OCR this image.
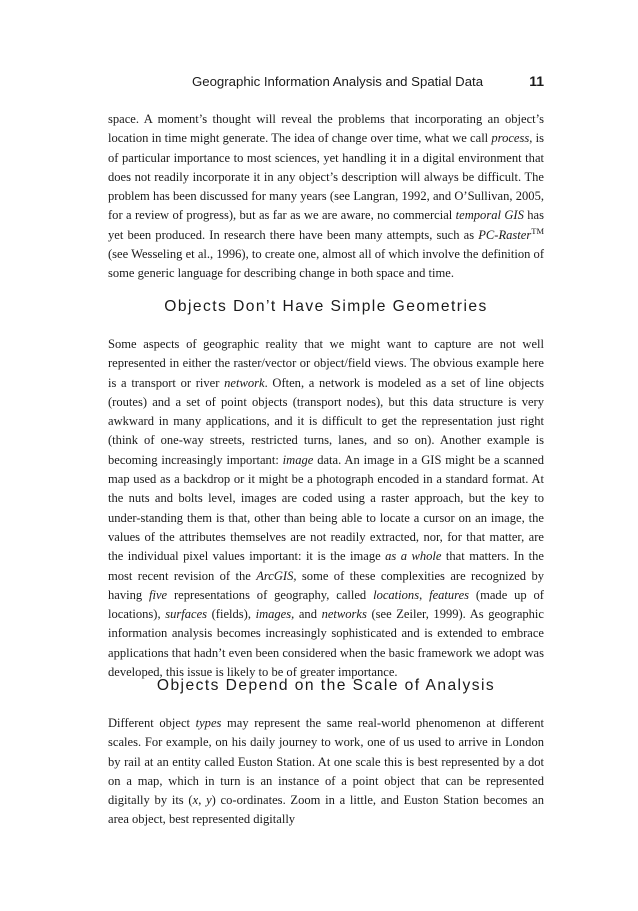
Geographic Information Analysis and Spatial Data	11

space. A moment’s thought will reveal the problems that incorporating an object’s location in time might generate. The idea of change over time, what we call process, is of particular importance to most sciences, yet handling it in a digital environment that does not readily incorporate it in any object’s description will always be difficult. The problem has been discussed for many years (see Langran, 1992, and O’Sullivan, 2005, for a review of progress), but as far as we are aware, no commercial temporal GIS has yet been produced. In research there have been many attempts, such as PC-Raster™ (see Wesseling et al., 1996), to create one, almost all of which involve the definition of some generic language for describing change in both space and time.

Objects Don’t Have Simple Geometries

Some aspects of geographic reality that we might want to capture are not well represented in either the raster/vector or object/field views. The obvious example here is a transport or river network. Often, a network is modeled as a set of line objects (routes) and a set of point objects (transport nodes), but this data structure is very awkward in many applications, and it is difficult to get the representation just right (think of one-way streets, restricted turns, lanes, and so on). Another example is becoming increasingly important: image data. An image in a GIS might be a scanned map used as a backdrop or it might be a photograph encoded in a standard format. At the nuts and bolts level, images are coded using a raster approach, but the key to under-standing them is that, other than being able to locate a cursor on an image, the values of the attributes themselves are not readily extracted, nor, for that matter, are the individual pixel values important: it is the image as a whole that matters. In the most recent revision of the ArcGIS, some of these complexities are recognized by having five representations of geography, called locations, features (made up of locations), surfaces (fields), images, and networks (see Zeiler, 1999). As geographic information analysis becomes increasingly sophisticated and is extended to embrace applications that hadn’t even been considered when the basic framework we adopt was developed, this issue is likely to be of greater importance.

Objects Depend on the Scale of Analysis

Different object types may represent the same real-world phenomenon at different scales. For example, on his daily journey to work, one of us used to arrive in London by rail at an entity called Euston Station. At one scale this is best represented by a dot on a map, which in turn is an instance of a point object that can be represented digitally by its (x, y) co-ordinates. Zoom in a little, and Euston Station becomes an area object, best represented digitally
